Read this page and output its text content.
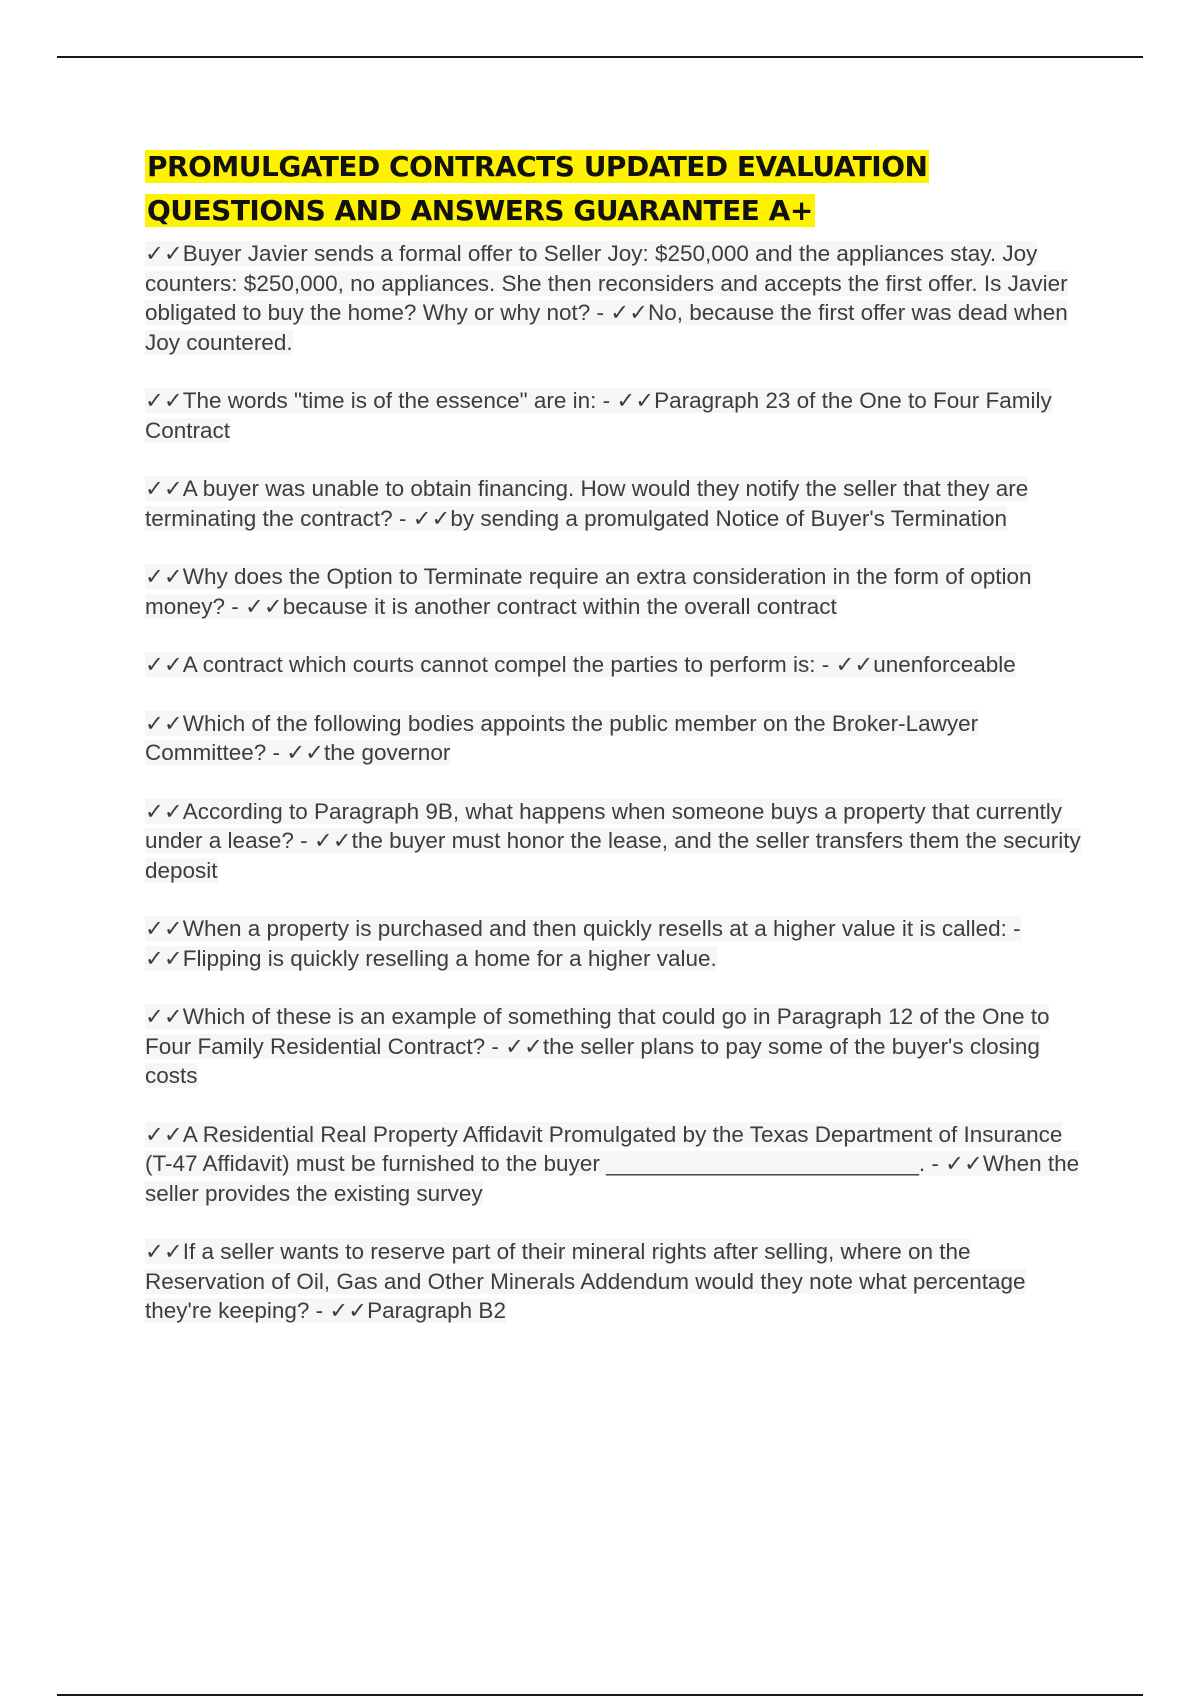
PROMULGATED CONTRACTS UPDATED EVALUATION
QUESTIONS AND ANSWERS GUARANTEE A+

✓✓Buyer Javier sends a formal offer to Seller Joy: $250,000 and the appliances stay. Joy counters: $250,000, no appliances. She then reconsiders and accepts the first offer. Is Javier obligated to buy the home? Why or why not? - ✓✓No, because the first offer was dead when Joy countered.

✓✓The words "time is of the essence" are in: - ✓✓Paragraph 23 of the One to Four Family Contract

✓✓A buyer was unable to obtain financing. How would they notify the seller that they are terminating the contract? - ✓✓by sending a promulgated Notice of Buyer's Termination

✓✓Why does the Option to Terminate require an extra consideration in the form of option money? - ✓✓because it is another contract within the overall contract

✓✓A contract which courts cannot compel the parties to perform is: - ✓✓unenforceable

✓✓Which of the following bodies appoints the public member on the Broker-Lawyer Committee? - ✓✓the governor

✓✓According to Paragraph 9B, what happens when someone buys a property that currently under a lease? - ✓✓the buyer must honor the lease, and the seller transfers them the security deposit

✓✓When a property is purchased and then quickly resells at a higher value it is called: - ✓✓Flipping is quickly reselling a home for a higher value.

✓✓Which of these is an example of something that could go in Paragraph 12 of the One to Four Family Residential Contract? - ✓✓the seller plans to pay some of the buyer's closing costs

✓✓A Residential Real Property Affidavit Promulgated by the Texas Department of Insurance (T-47 Affidavit) must be furnished to the buyer _________________________. - ✓✓When the seller provides the existing survey

✓✓If a seller wants to reserve part of their mineral rights after selling, where on the Reservation of Oil, Gas and Other Minerals Addendum would they note what percentage they're keeping? - ✓✓Paragraph B2
